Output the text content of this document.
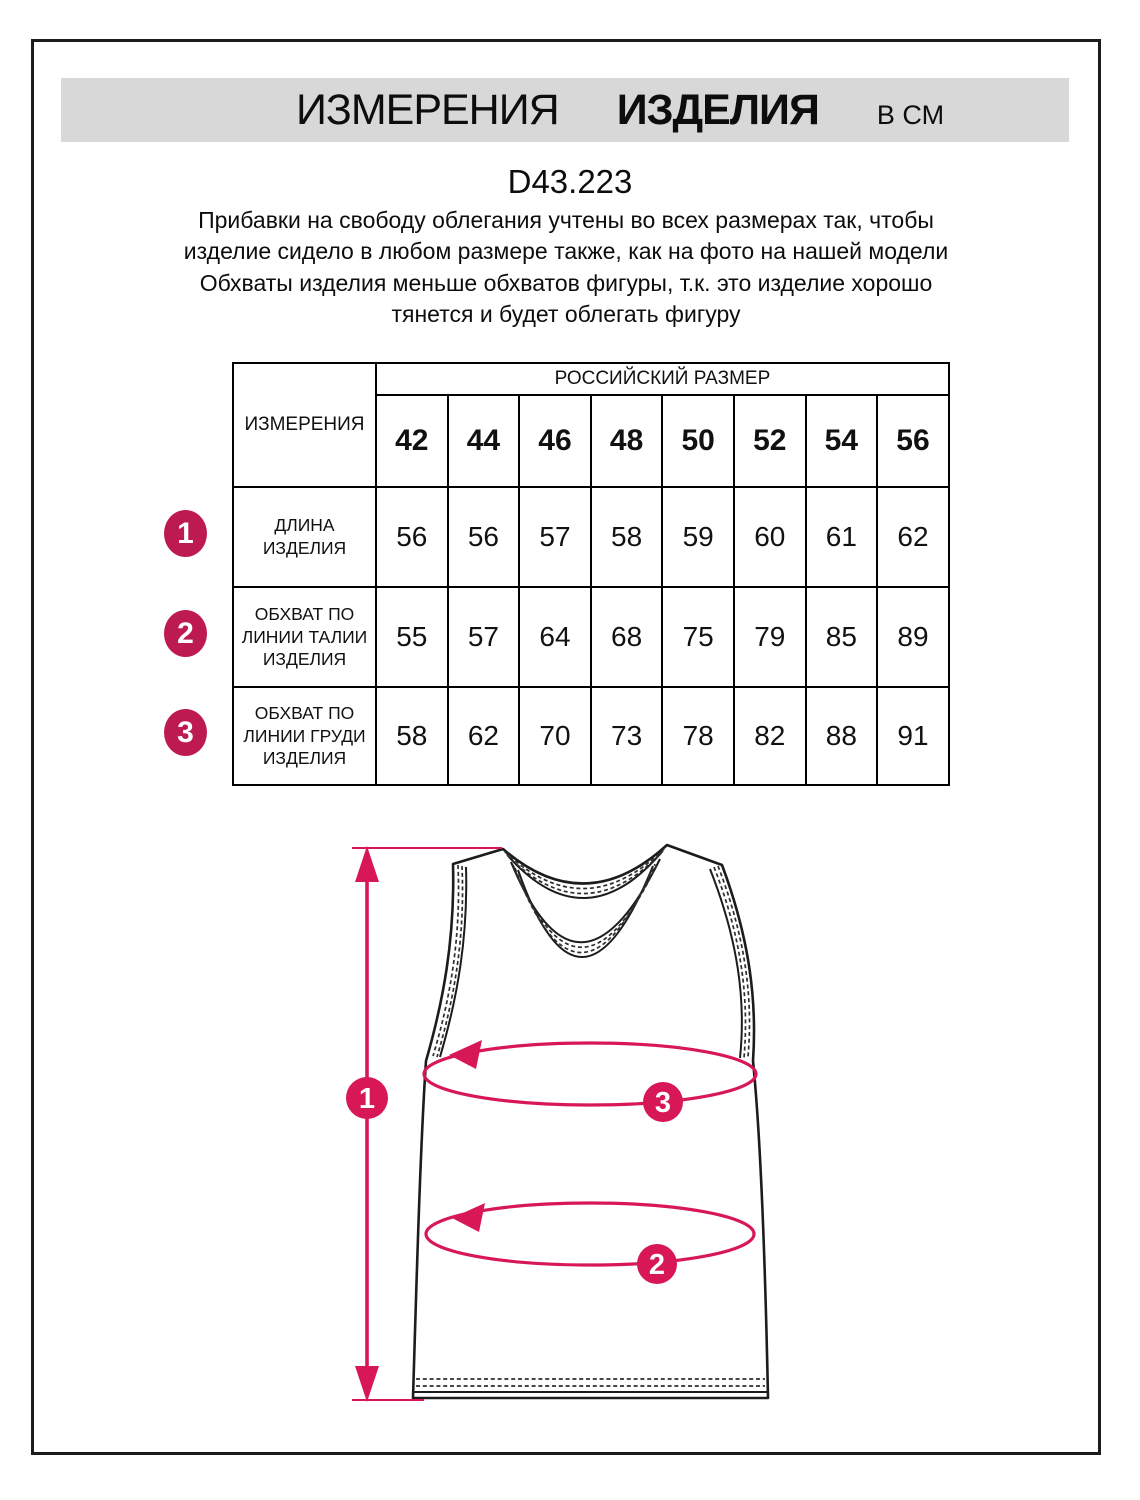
ИЗМЕРЕНИЯ ИЗДЕЛИЯ В СМ
D43.223

Прибавки на свободу облегания учтены во всех размерах так, чтобы изделие сидело в любом размере также, как на фото на нашей модели

Обхваты изделия меньше обхватов фигуры, т.к. это изделие хорошо тянется и будет облегать фигуру

ИЗМЕРЕНИЯ	РОССИЙСКИЙ РАЗМЕР							
	42	44	46	48	50	52	54	56
ДЛИНА ИЗДЕЛИЯ	56	56	57	58	59	60	61	62
ОБХВАТ ПО ЛИНИИ ТАЛИИ ИЗДЕЛИЯ	55	57	64	68	75	79	85	89
ОБХВАТ ПО ЛИНИИ ГРУДИ ИЗДЕЛИЯ	58	62	70	73	78	82	88	91
1
2
3
1	3
2
